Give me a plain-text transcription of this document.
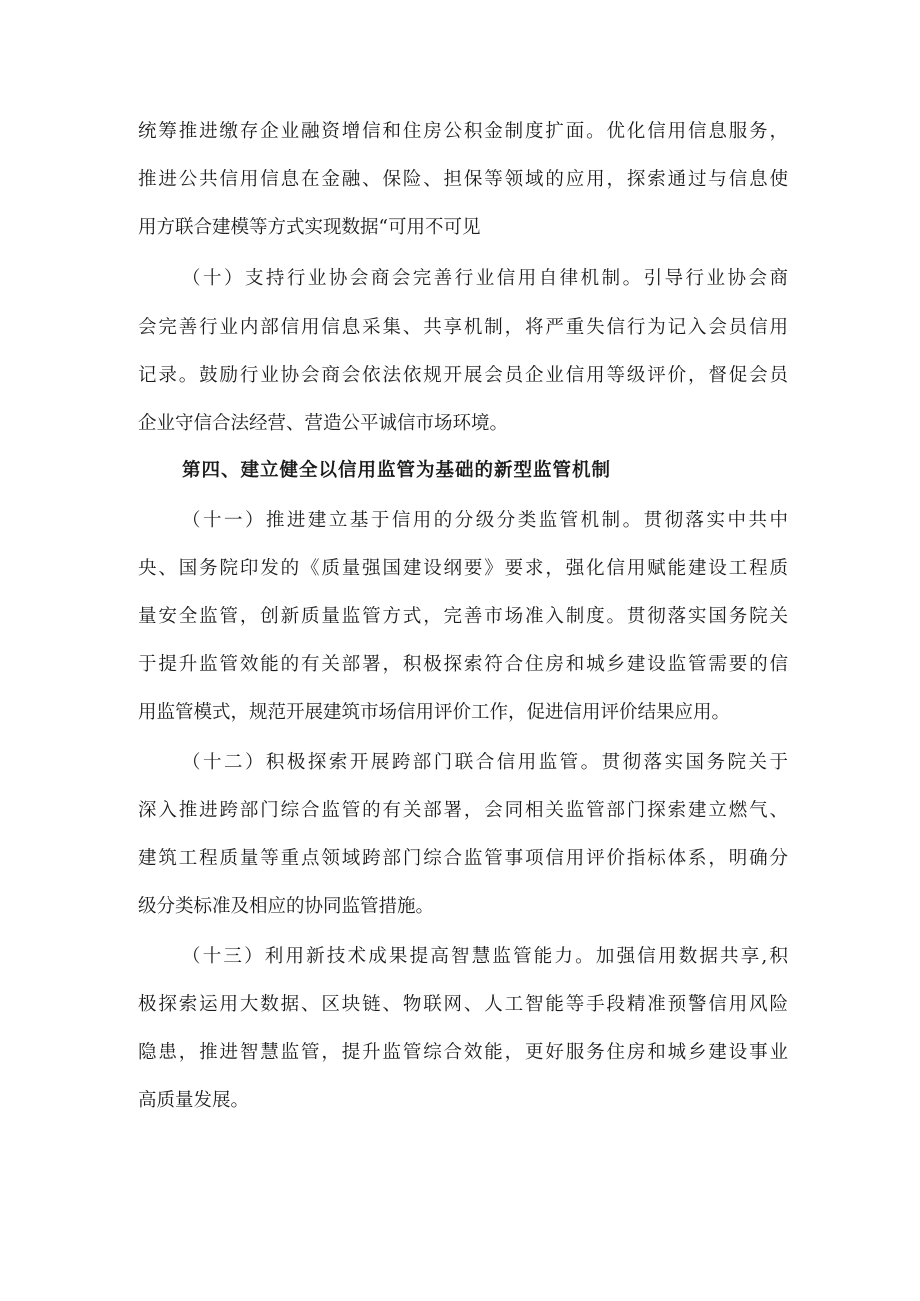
统筹推进缴存企业融资增信和住房公积金制度扩面。优化信用信息服务，
推进公共信用信息在金融、保险、担保等领域的应用，探索通过与信息使
用方联合建模等方式实现数据“可用不可见
（十）支持行业协会商会完善行业信用自律机制。引导行业协会商
会完善行业内部信用信息采集、共享机制，将严重失信行为记入会员信用
记录。鼓励行业协会商会依法依规开展会员企业信用等级评价，督促会员
企业守信合法经营、营造公平诚信市场环境。
第四、建立健全以信用监管为基础的新型监管机制
（十一）推进建立基于信用的分级分类监管机制。贯彻落实中共中
央、国务院印发的《质量强国建设纲要》要求，强化信用赋能建设工程质
量安全监管，创新质量监管方式，完善市场准入制度。贯彻落实国务院关
于提升监管效能的有关部署，积极探索符合住房和城乡建设监管需要的信
用监管模式，规范开展建筑市场信用评价工作，促进信用评价结果应用。
（十二）积极探索开展跨部门联合信用监管。贯彻落实国务院关于
深入推进跨部门综合监管的有关部署，会同相关监管部门探索建立燃气、
建筑工程质量等重点领域跨部门综合监管事项信用评价指标体系，明确分
级分类标准及相应的协同监管措施。
（十三）利用新技术成果提高智慧监管能力。加强信用数据共享,积
极探索运用大数据、区块链、物联网、人工智能等手段精准预警信用风险
隐患，推进智慧监管，提升监管综合效能，更好服务住房和城乡建设事业
高质量发展。
